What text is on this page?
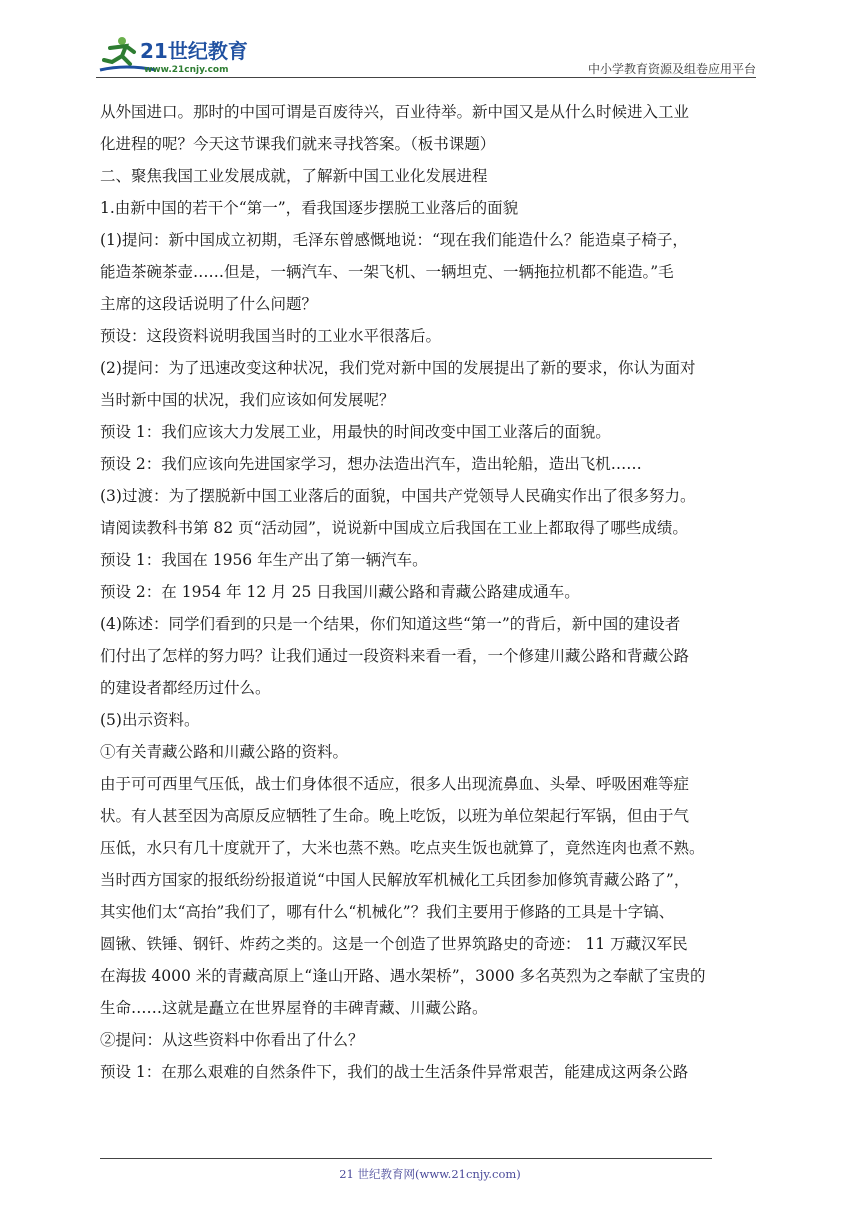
21世纪教育
www.21cnjy.com	中小学教育资源及组卷应用平台
从外国进口。那时的中国可谓是百废待兴，百业待举。新中国又是从什么时候进入工业
化进程的呢？今天这节课我们就来寻找答案。（板书课题）
二、聚焦我国工业发展成就，了解新中国工业化发展进程
1.由新中国的若干个“第一”，看我国逐步摆脱工业落后的面貌
(1)提问：新中国成立初期，毛泽东曾感慨地说：“现在我们能造什么？能造桌子椅子，
能造茶碗茶壶……但是，一辆汽车、一架飞机、一辆坦克、一辆拖拉机都不能造。”毛
主席的这段话说明了什么问题？
预设：这段资料说明我国当时的工业水平很落后。
(2)提问：为了迅速改变这种状况，我们党对新中国的发展提出了新的要求，你认为面对
当时新中国的状况，我们应该如何发展呢？
预设 1：我们应该大力发展工业，用最快的时间改变中国工业落后的面貌。
预设 2：我们应该向先进国家学习，想办法造出汽车，造出轮船，造出飞机……
(3)过渡：为了摆脱新中国工业落后的面貌，中国共产党领导人民确实作出了很多努力。
请阅读教科书第 82 页“活动园”，说说新中国成立后我国在工业上都取得了哪些成绩。
预设 1：我国在 1956 年生产出了第一辆汽车。
预设 2：在 1954 年 12 月 25 日我国川藏公路和青藏公路建成通车。
(4)陈述：同学们看到的只是一个结果，你们知道这些“第一”的背后，新中国的建设者
们付出了怎样的努力吗？让我们通过一段资料来看一看，一个修建川藏公路和背藏公路
的建设者都经历过什么。
(5)出示资料。
①有关青藏公路和川藏公路的资料。
由于可可西里气压低，战士们身体很不适应，很多人出现流鼻血、头晕、呼吸困难等症
状。有人甚至因为高原反应牺牲了生命。晚上吃饭，以班为单位架起行军锅，但由于气
压低，水只有几十度就开了，大米也蒸不熟。吃点夹生饭也就算了，竟然连肉也煮不熟。
当时西方国家的报纸纷纷报道说“中国人民解放军机械化工兵团参加修筑青藏公路了”，
其实他们太“高抬”我们了，哪有什么“机械化”？我们主要用于修路的工具是十字镐、
圆锹、铁锤、钢钎、炸药之类的。这是一个创造了世界筑路史的奇迹： 11 万藏汉军民
在海拔 4000 米的青藏高原上“逢山开路、遇水架桥”，3000 多名英烈为之奉献了宝贵的
生命……这就是矗立在世界屋脊的丰碑青藏、川藏公路。
②提问：从这些资料中你看出了什么？
预设 1：在那么艰难的自然条件下，我们的战士生活条件异常艰苦，能建成这两条公路
21 世纪教育网(www.21cnjy.com)
